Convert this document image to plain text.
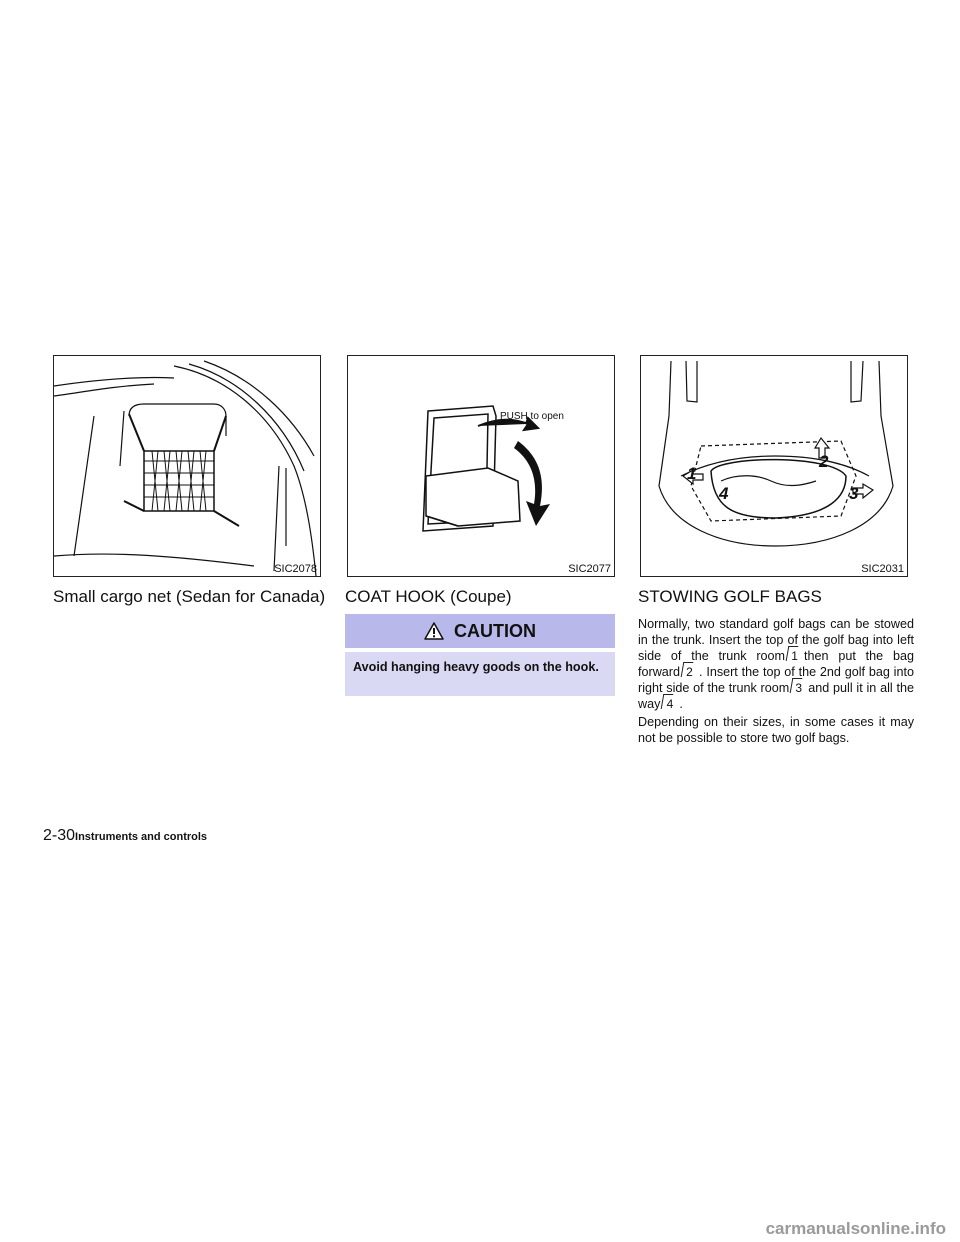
SIC2078
PUSH to open
SIC2077
1
2
3
4
SIC2031
Small cargo net (Sedan for Canada) COAT HOOK (Coupe)	STOWING GOLF BAGS
CAUTION
Avoid hanging heavy goods on the hook.

Normally, two standard golf bags can be stowed in the trunk. Insert the top of the golf bag into left side of the trunk room 1 then put the bag forward 2 . Insert the top of the 2nd golf bag into right side of the trunk room 3 and pull it in all the way 4 .

Depending on their sizes, in some cases it may not be possible to store two golf bags.

2-30Instruments and controls
carmanualsonline.info
